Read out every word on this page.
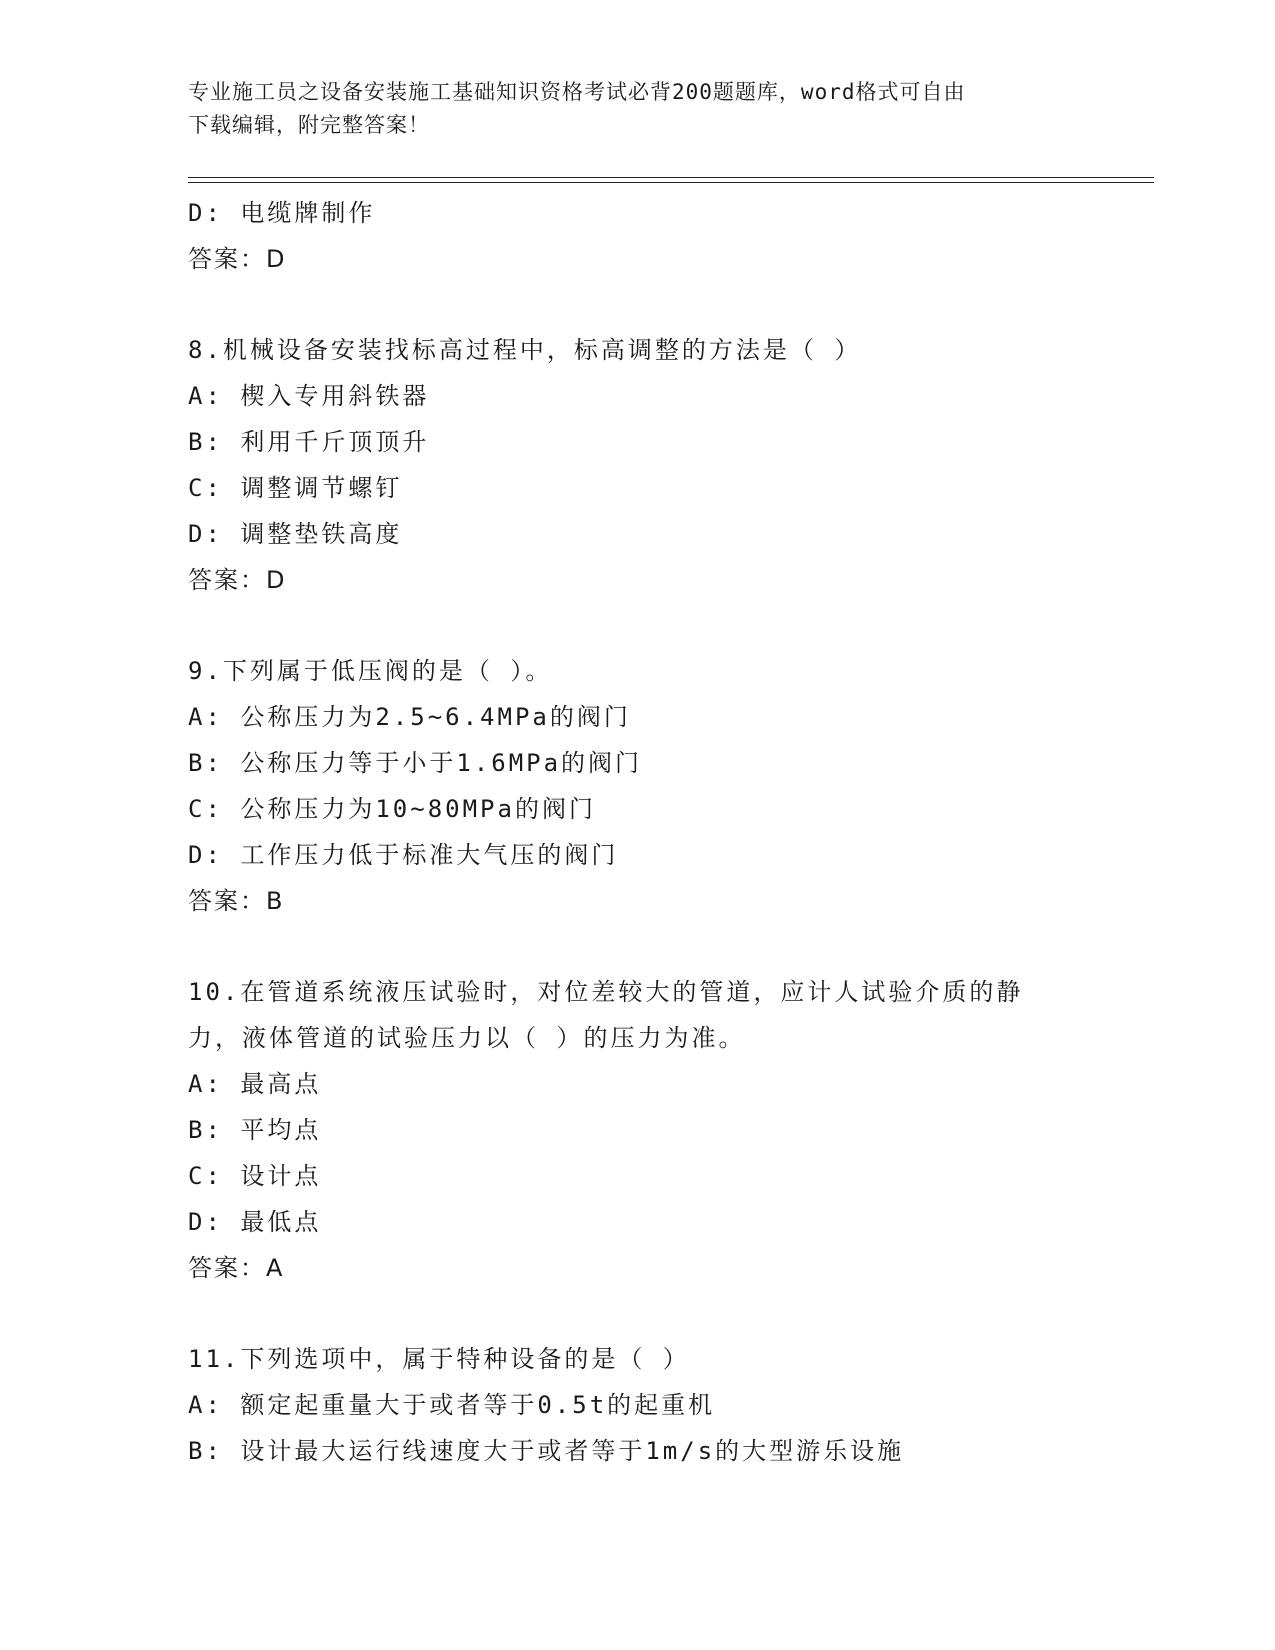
专业施工员之设备安装施工基础知识资格考试必背200题题库，word格式可自由
下载编辑，附完整答案！
D: 电缆牌制作
答案：D
8.机械设备安装找标高过程中，标高调整的方法是（ ）
A: 楔入专用斜铁器
B: 利用千斤顶顶升
C: 调整调节螺钉
D: 调整垫铁高度
答案：D
9.下列属于低压阀的是（ ）。
A: 公称压力为2.5~6.4MPa的阀门
B: 公称压力等于小于1.6MPa的阀门
C: 公称压力为10~80MPa的阀门
D: 工作压力低于标准大气压的阀门
答案：B
10.在管道系统液压试验时，对位差较大的管道，应计人试验介质的静
力，液体管道的试验压力以（ ）的压力为准。
A: 最高点
B: 平均点
C: 设计点
D: 最低点
答案：A
11.下列选项中，属于特种设备的是（ ）
A: 额定起重量大于或者等于0.5t的起重机
B: 设计最大运行线速度大于或者等于1m/s的大型游乐设施
